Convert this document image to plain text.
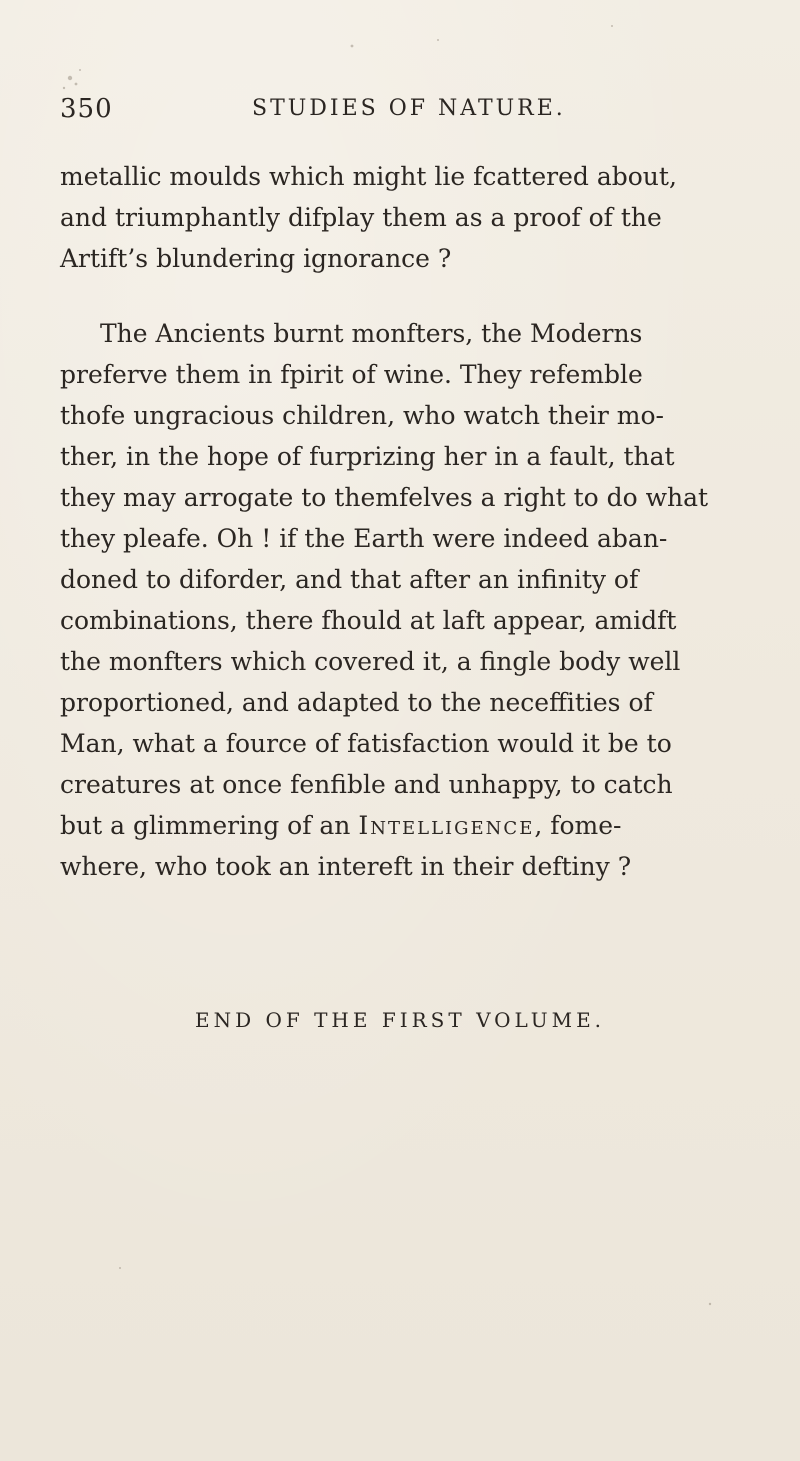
350	STUDIES OF NATURE.
metallic moulds which might lie fcattered about,
and triumphantly difplay them as a proof of the
Artift’s blundering ignorance ?
The Ancients burnt monfters, the Moderns
preferve them in fpirit of wine. They refemble
thofe ungracious children, who watch their mo-
ther, in the hope of furprizing her in a fault, that
they may arrogate to themfelves a right to do what
they pleafe. Oh ! if the Earth were indeed aban-
doned to diforder, and that after an infinity of
combinations, there fhould at laft appear, amidft
the monfters which covered it, a fingle body well
proportioned, and adapted to the neceffities of
Man, what a fource of fatisfaction would it be to
creatures at once fenfible and unhappy, to catch
but a glimmering of an Intelligence, fome-
where, who took an intereft in their deftiny ?
END OF THE FIRST VOLUME.
